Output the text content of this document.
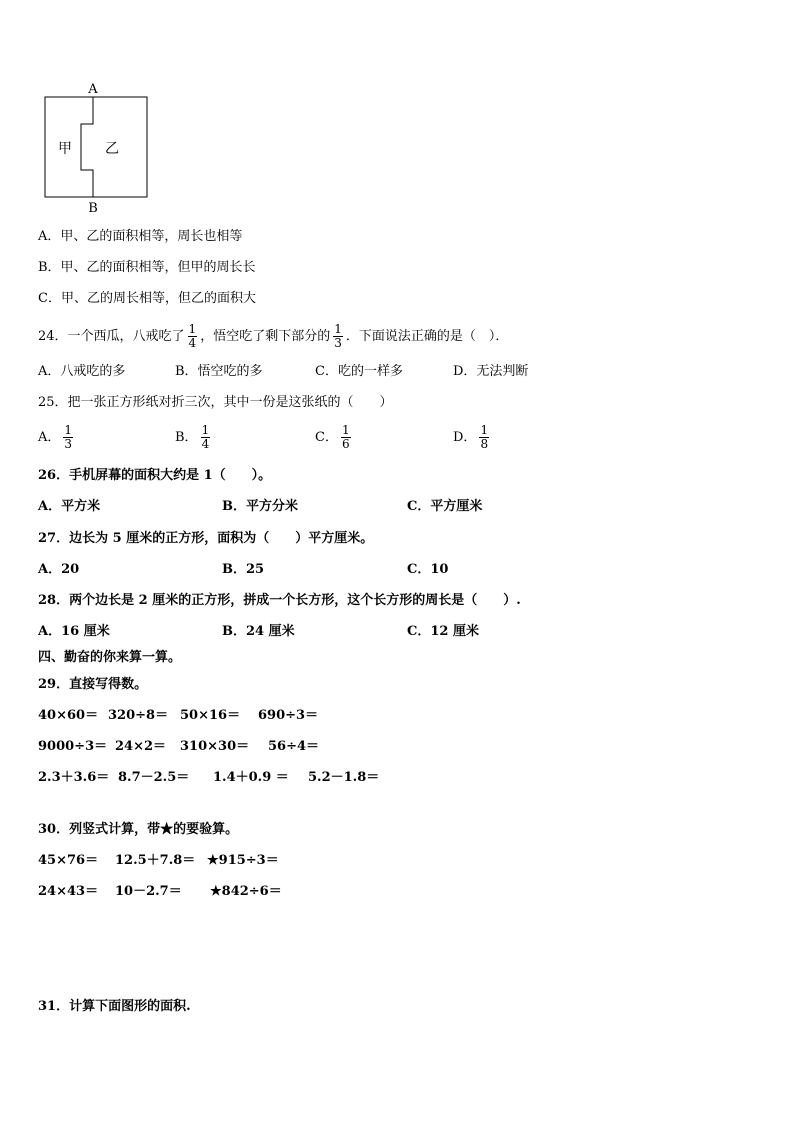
A
B
甲 乙
A．甲、乙的面积相等，周长也相等
B．甲、乙的面积相等，但甲的周长长
C．甲、乙的周长相等，但乙的面积大
24．一个西瓜，八戒吃了 $\frac{1}{4}$ ，悟空吃了剩下部分的 $\frac{1}{3}$ ．下面说法正确的是（　）．
A．八戒吃的多	B．悟空吃的多	C．吃的一样多	D．无法判断
25．把一张正方形纸对折三次，其中一份是这张纸的（　　）
A． $\frac{1}{3}$	B． $\frac{1}{4}$	C． $\frac{1}{6}$	D． $\frac{1}{8}$
26．手机屏幕的面积大约是 1（　　）。
A．平方米	B．平方分米	C．平方厘米
27．边长为 5 厘米的正方形，面积为（　　）平方厘米。
A．20	B．25	C．10
28．两个边长是 2 厘米的正方形，拼成一个长方形，这个长方形的周长是（　　）.
A．16 厘米	B．24 厘米	C．12 厘米
四、勤奋的你来算一算。
29．直接写得数。
40×60＝ 320÷8＝ 50×16＝ 690÷3＝
9000÷3＝ 24×2＝ 310×30＝ 56÷4＝
2.3＋3.6＝ 8.7－2.5＝ 1.4＋0.9 ＝ 5.2－1.8＝
30．列竖式计算，带★的要验算。
45×76＝ 12.5＋7.8＝ ★915÷3＝
24×43＝ 10－2.7＝ ★842÷6＝
31．计算下面图形的面积.
